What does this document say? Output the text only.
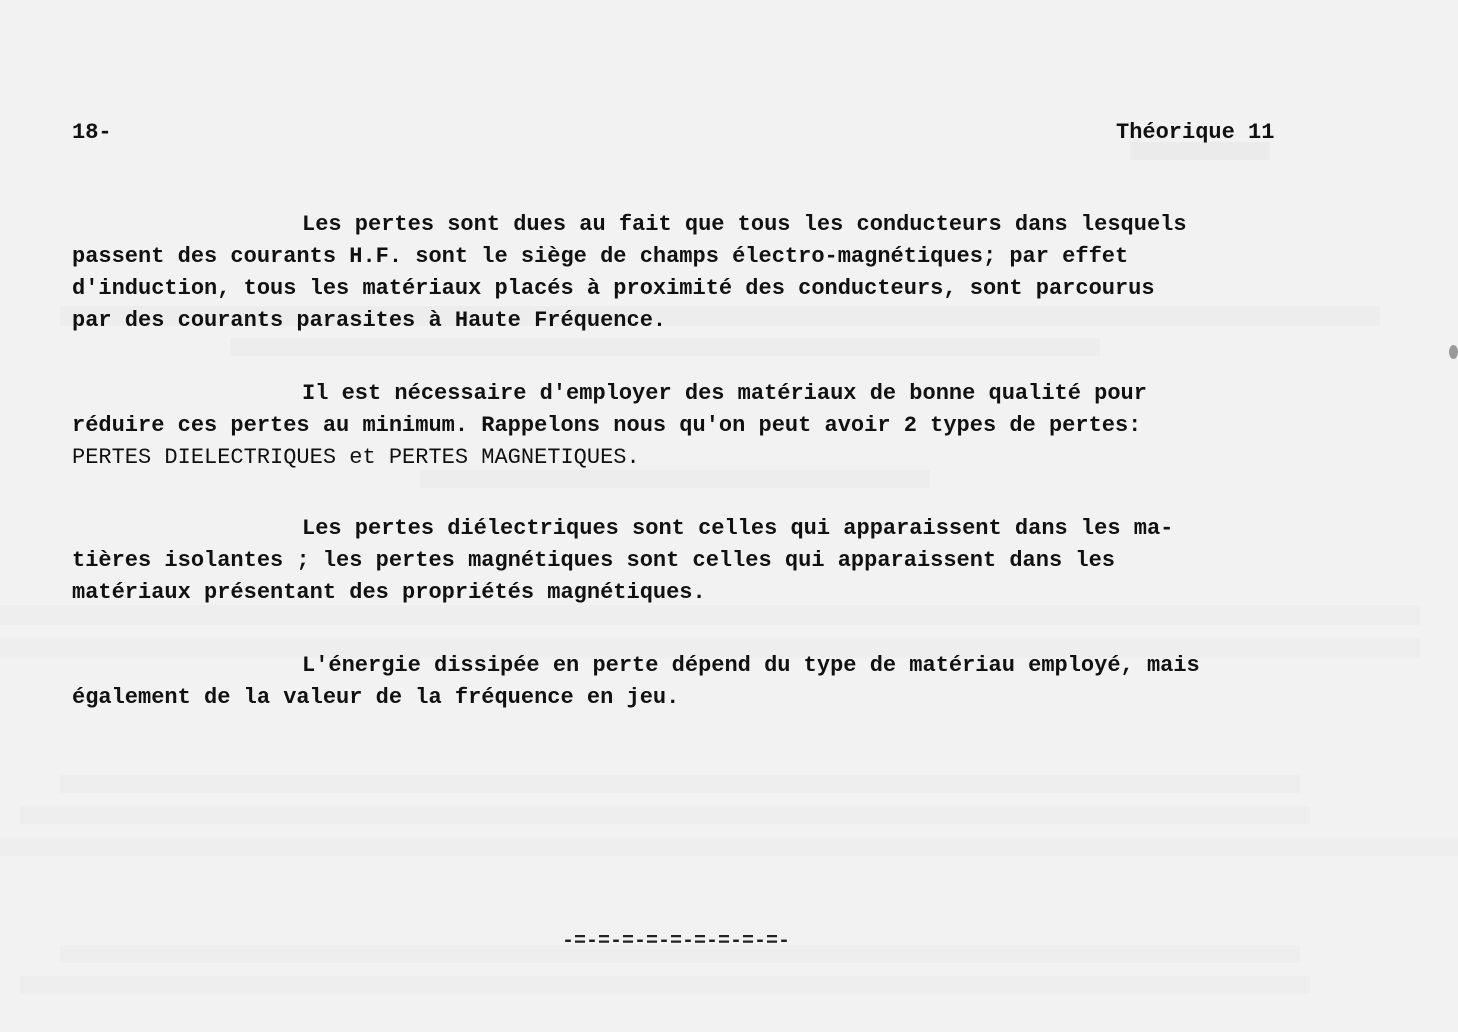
18-	Théorique 11
Les pertes sont dues au fait que tous les conducteurs dans lesquels
passent des courants H.F. sont le siège de champs électro-magnétiques; par effet
d'induction, tous les matériaux placés à proximité des conducteurs, sont parcourus
par des courants parasites à Haute Fréquence.
Il est nécessaire d'employer des matériaux de bonne qualité pour
réduire ces pertes au minimum. Rappelons nous qu'on peut avoir 2 types de pertes:
PERTES DIELECTRIQUES et PERTES MAGNETIQUES.
Les pertes diélectriques sont celles qui apparaissent dans les ma-
tières isolantes ; les pertes magnétiques sont celles qui apparaissent dans les
matériaux présentant des propriétés magnétiques.
L'énergie dissipée en perte dépend du type de matériau employé, mais
également de la valeur de la fréquence en jeu.
-=-=-=-=-=-=-=-=-=-
